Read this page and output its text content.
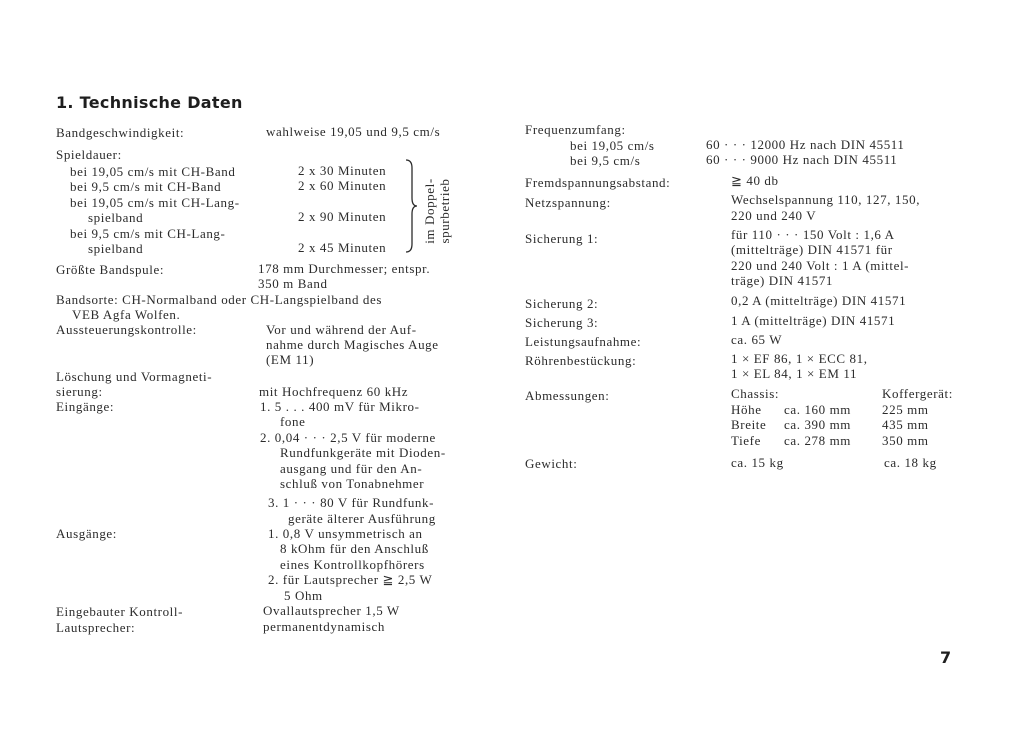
1. Technische Daten
Bandgeschwindigkeit:	wahlweise 19,05 und 9,5 cm/s
Spieldauer:
bei 19,05 cm/s mit CH-Band	2 x 30 Minuten
bei 9,5 cm/s mit CH-Band	2 x 60 Minuten
bei 19,05 cm/s mit CH-Lang-
spielband	2 x 90 Minuten
bei 9,5 cm/s mit CH-Lang-
spielband	2 x 45 Minuten
im Doppel- spurbetrieb
Größte Bandspule:	178 mm Durchmesser; entspr.
350 m Band
Bandsorte: CH-Normalband oder CH-Langspielband des
VEB Agfa Wolfen.
Aussteuerungskontrolle:	Vor und während der Auf-
nahme durch Magisches Auge
(EM 11)
Löschung und Vormagneti-
sierung:	mit Hochfrequenz 60 kHz
Eingänge:	1. 5 . . . 400 mV für Mikro-
fone
2. 0,04 · · · 2,5 V für moderne
Rundfunkgeräte mit Dioden-
ausgang und für den An-
schluß von Tonabnehmer
3. 1 · · · 80 V für Rundfunk-
geräte älterer Ausführung
Ausgänge:	1. 0,8 V unsymmetrisch an
8 kOhm für den Anschluß
eines Kontrollkopfhörers
2. für Lautsprecher ≧ 2,5 W
5 Ohm
Eingebauter Kontroll-
Lautsprecher:
Ovallautsprecher 1,5 W
permanentdynamisch
Frequenzumfang:
bei 19,05 cm/s	60 · · · 12000 Hz nach DIN 45511
bei 9,5 cm/s	60 · · · 9000 Hz nach DIN 45511
Fremdspannungsabstand:	≧ 40 db
Netzspannung:	Wechselspannung 110, 127, 150,
220 und 240 V
Sicherung 1:	für 110 · · · 150 Volt : 1,6 A
(mittelträge) DIN 41571 für
220 und 240 Volt : 1 A (mittel-
träge) DIN 41571
Sicherung 2:	0,2 A (mittelträge) DIN 41571
Sicherung 3:	1 A (mittelträge) DIN 41571
Leistungsaufnahme:	ca. 65 W
Röhrenbestückung:	1 × EF 86, 1 × ECC 81,
1 × EL 84, 1 × EM 11
Abmessungen:	Chassis:	Koffergerät:
Höhe ca. 160 mm 225 mm
Breite ca. 390 mm 435 mm
Tiefe ca. 278 mm 350 mm
Gewicht:	ca. 15 kg	ca. 18 kg
7
